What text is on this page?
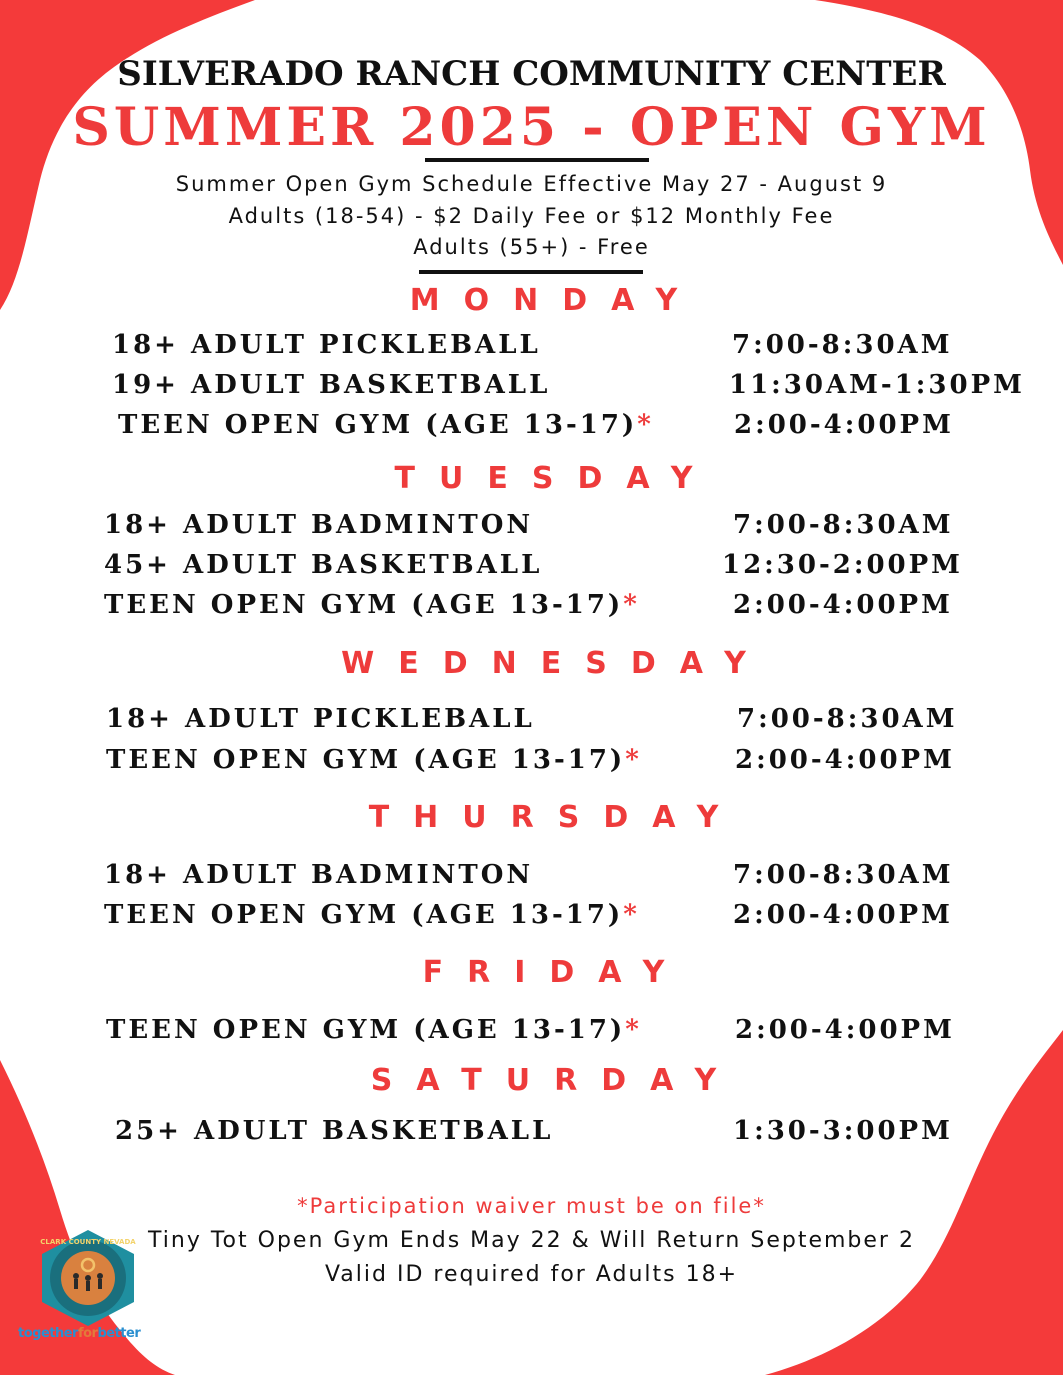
SILVERADO RANCH COMMUNITY CENTER
SUMMER 2025 - OPEN GYM
Summer Open Gym Schedule Effective May 27 - August 9
Adults (18-54) - $2 Daily Fee or $12 Monthly Fee
Adults (55+) - Free
MONDAY
18+ ADULT PICKLEBALL	7:00-8:30AM
19+ ADULT BASKETBALL	11:30AM-1:30PM
TEEN OPEN GYM (AGE 13-17)*	2:00-4:00PM
TUESDAY
18+ ADULT BADMINTON	7:00-8:30AM
45+ ADULT BASKETBALL	12:30-2:00PM
TEEN OPEN GYM (AGE 13-17)*	2:00-4:00PM
WEDNESDAY
18+ ADULT PICKLEBALL	7:00-8:30AM
TEEN OPEN GYM (AGE 13-17)*	2:00-4:00PM
THURSDAY
18+ ADULT BADMINTON	7:00-8:30AM
TEEN OPEN GYM (AGE 13-17)*	2:00-4:00PM
FRIDAY
TEEN OPEN GYM (AGE 13-17)*	2:00-4:00PM
SATURDAY
25+ ADULT BASKETBALL	1:30-3:00PM
*Participation waiver must be on file*
Tiny Tot Open Gym Ends May 22 & Will Return September 2
Valid ID required for Adults 18+
CLARK COUNTY NEVADA
togetherforbetter
